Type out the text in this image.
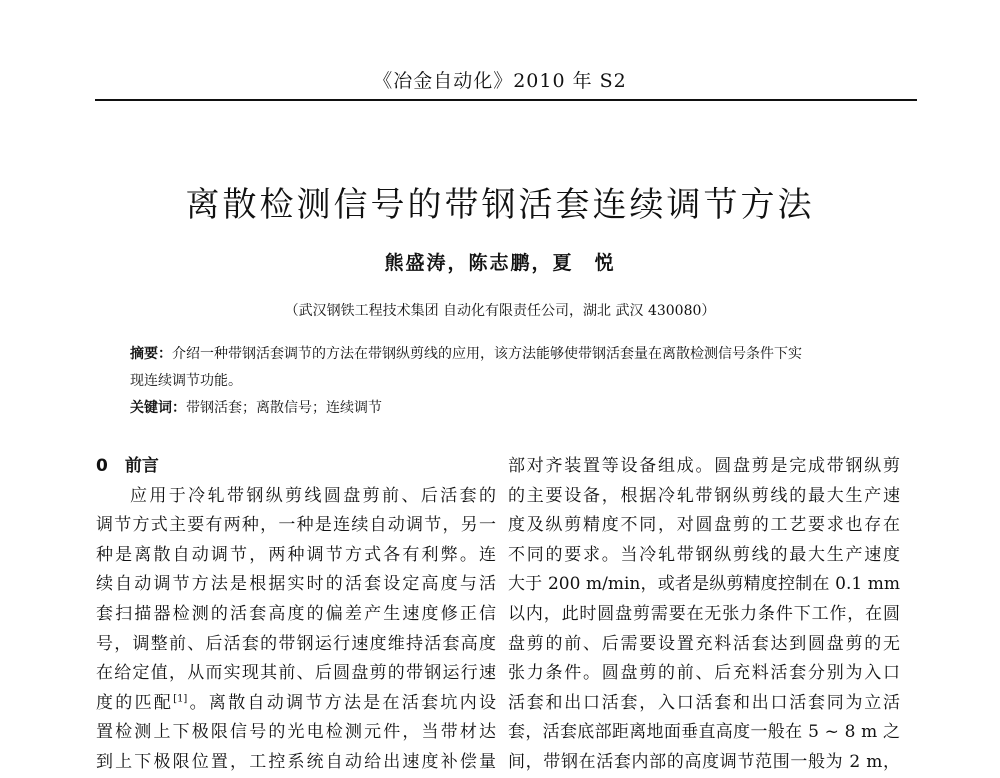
《冶金自动化》2010 年 S2
离散检测信号的带钢活套连续调节方法
熊盛涛，陈志鹏，夏　悦
（武汉钢铁工程技术集团 自动化有限责任公司，湖北 武汉 430080）
摘要：介绍一种带钢活套调节的方法在带钢纵剪线的应用，该方法能够使带钢活套量在离散检测信号条件下实
现连续调节功能。
关键词：带钢活套；离散信号；连续调节
0　 前言
应用于冷轧带钢纵剪线圆盘剪前、后活套的
调节方式主要有两种，一种是连续自动调节，另一
种是离散自动调节，两种调节方式各有利弊。连
续自动调节方法是根据实时的活套设定高度与活
套扫描器检测的活套高度的偏差产生速度修正信
号，调整前、后活套的带钢运行速度维持活套高度
在给定值，从而实现其前、后圆盘剪的带钢运行速
度的匹配[1]。离散自动调节方法是在活套坑内设
置检测上下极限信号的光电检测元件，当带材达
到上下极限位置，工控系统自动给出速度补偿量
部对齐装置等设备组成。圆盘剪是完成带钢纵剪
的主要设备，根据冷轧带钢纵剪线的最大生产速
度及纵剪精度不同，对圆盘剪的工艺要求也存在
不同的要求。当冷轧带钢纵剪线的最大生产速度
大于 200 m/min，或者是纵剪精度控制在 0.1 mm
以内，此时圆盘剪需要在无张力条件下工作，在圆
盘剪的前、后需要设置充料活套达到圆盘剪的无
张力条件。圆盘剪的前、后充料活套分别为入口
活套和出口活套，入口活套和出口活套同为立活
套，活套底部距离地面垂直高度一般在 5 ~ 8 m 之
间，带钢在活套内部的高度调节范围一般为 2 m，
